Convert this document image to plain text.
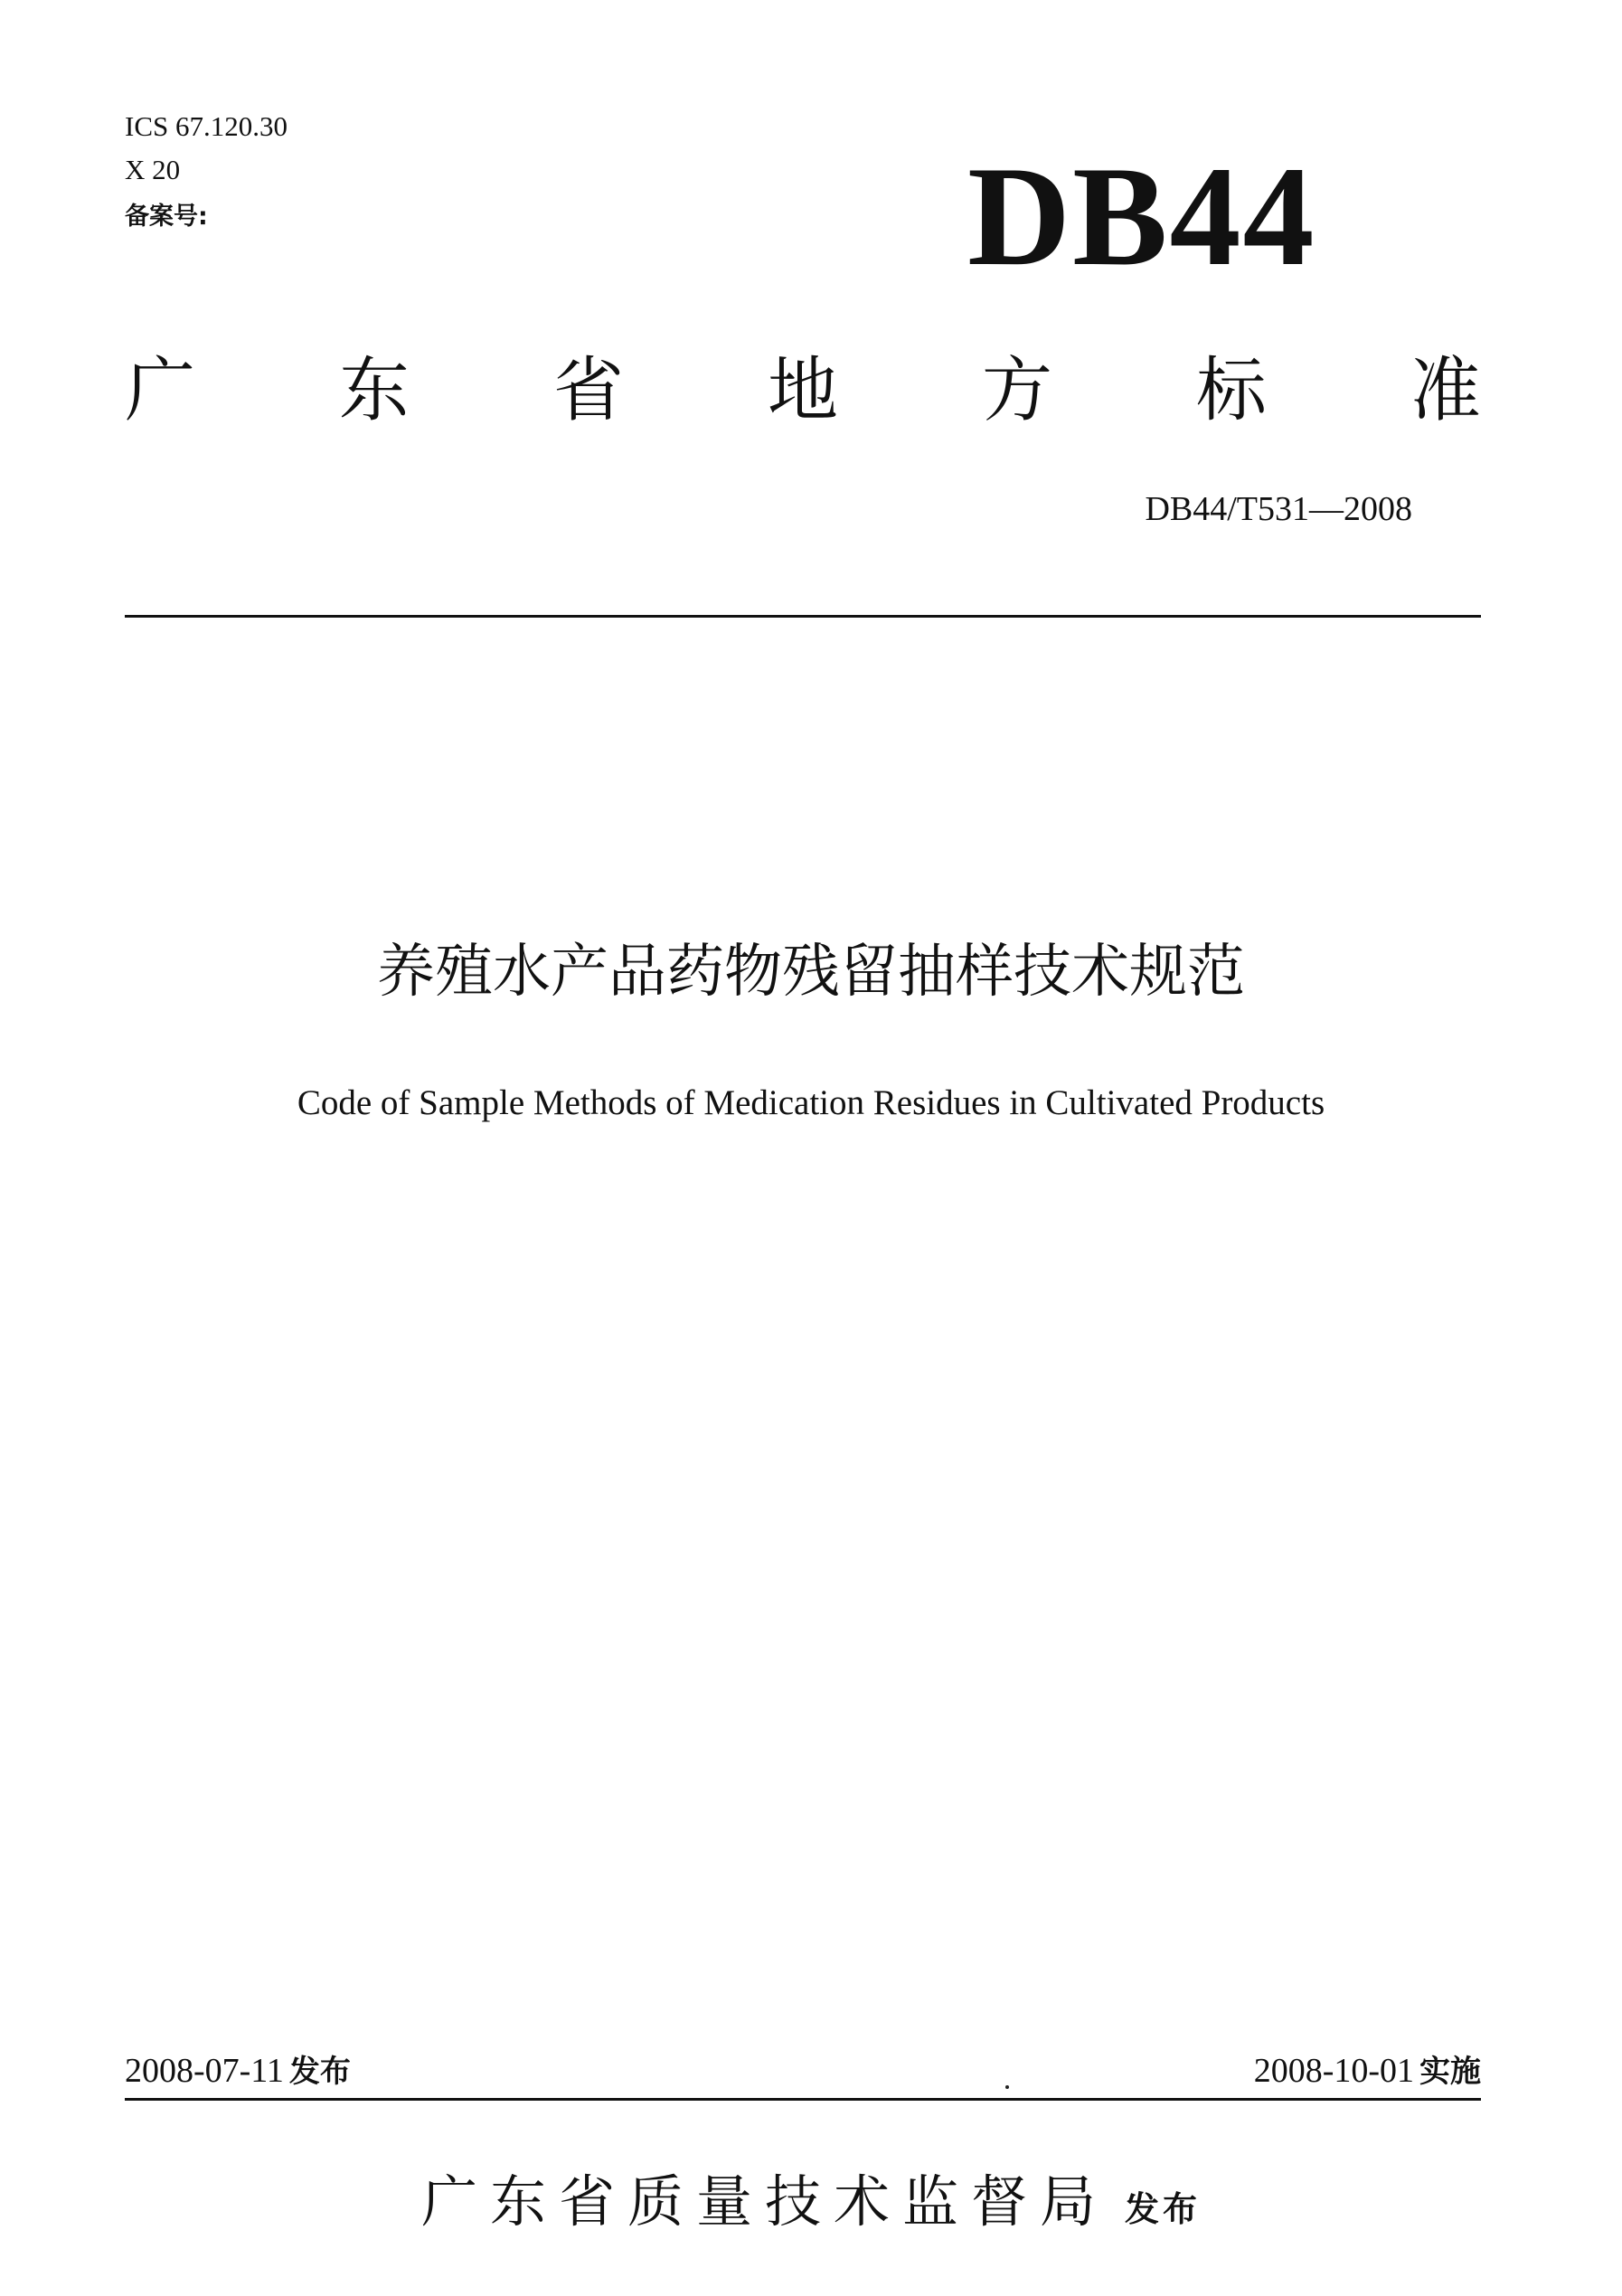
ICS 67.120.30
X 20
备案号:	DB44
广 东 省 地 方 标 准
DB44/T531—2008
养殖水产品药物残留抽样技术规范
Code of Sample Methods of Medication Residues in Cultivated Products
2008-07-11 发布	2008-10-01 实施
广东省质量技术监督局 发布
